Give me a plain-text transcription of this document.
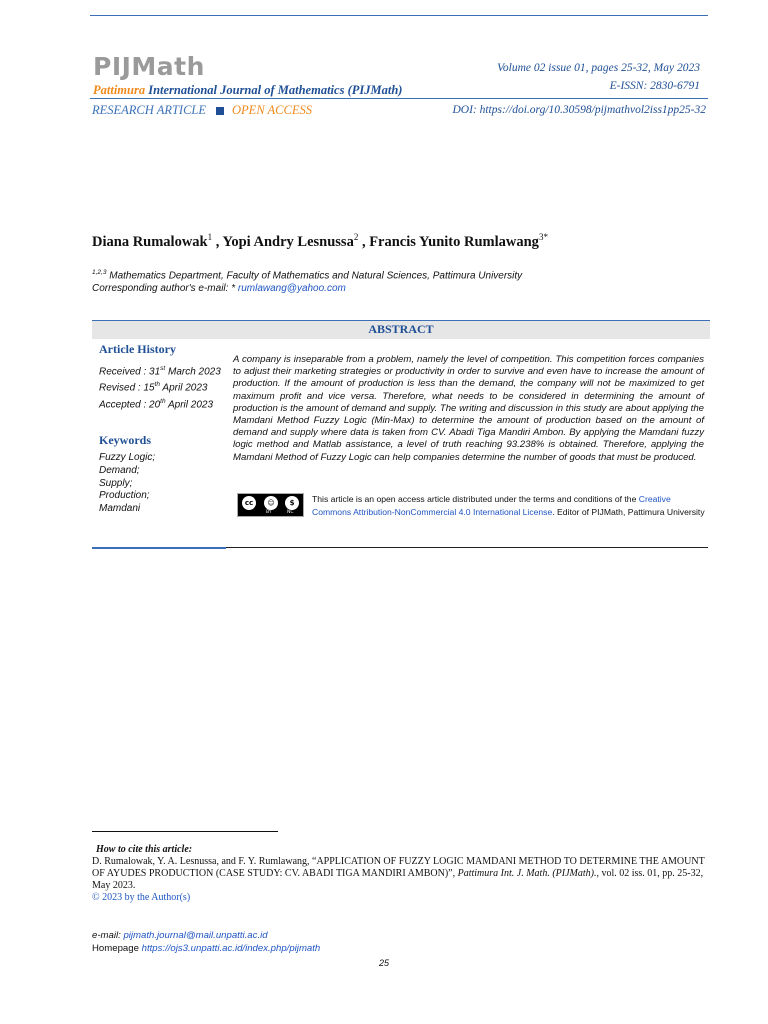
PIJMath
Pattimura International Journal of Mathematics (PIJMath)
Volume 02 issue 01, pages 25-32, May 2023
E-ISSN: 2830-6791
RESEARCH ARTICLE OPEN ACCESS	DOI: https://doi.org/10.30598/pijmathvol2iss1pp25-32
Diana Rumalowak$^1$ , Yopi Andry Lesnussa$^2$ , Francis Yunito Rumlawang$^{3*}$
$^{1,2,3}$ Mathematics Department, Faculty of Mathematics and Natural Sciences, Pattimura University
Corresponding author's e-mail: * rumlawang@yahoo.com
ABSTRACT
Article History
Received : 31st March 2023
Revised : 15th April 2023
Accepted : 20th April 2023
Keywords
Fuzzy Logic;
Demand;
Supply;
Production;
Mamdani
A company is inseparable from a problem, namely the level of competition. This competition forces companies to adjust their marketing strategies or productivity in order to survive and even have to increase the amount of production. If the amount of production is less than the demand, the company will not be maximized to get maximum profit and vice versa. Therefore, what needs to be considered in determining the amount of production is the amount of demand and supply. The writing and discussion in this study are about applying the Mamdani Method Fuzzy Logic (Min-Max) to determine the amount of production based on the amount of demand and supply where data is taken from CV. Abadi Tiga Mandiri Ambon. By applying the Mamdani fuzzy logic method and Matlab assistance, a level of truth reaching 93.238% is obtained. Therefore, applying the Mamdani Method of Fuzzy Logic can help companies determine the number of goods that must be produced.
cc	☺	$
BY	NC
This article is an open access article distributed under the terms and conditions of the Creative Commons Attribution-NonCommercial 4.0 International License. Editor of PIJMath, Pattimura University
How to cite this article:
D. Rumalowak, Y. A. Lesnussa, and F. Y. Rumlawang, “APPLICATION OF FUZZY LOGIC MAMDANI METHOD TO DETERMINE THE AMOUNT OF AYUDES PRODUCTION (CASE STUDY: CV. ABADI TIGA MANDIRI AMBON)”, Pattimura Int. J. Math. (PIJMath)., vol. 02 iss. 01, pp. 25-32, May 2023.
© 2023 by the Author(s)
e-mail: pijmath.journal@mail.unpatti.ac.id
Homepage https://ojs3.unpatti.ac.id/index.php/pijmath
25
